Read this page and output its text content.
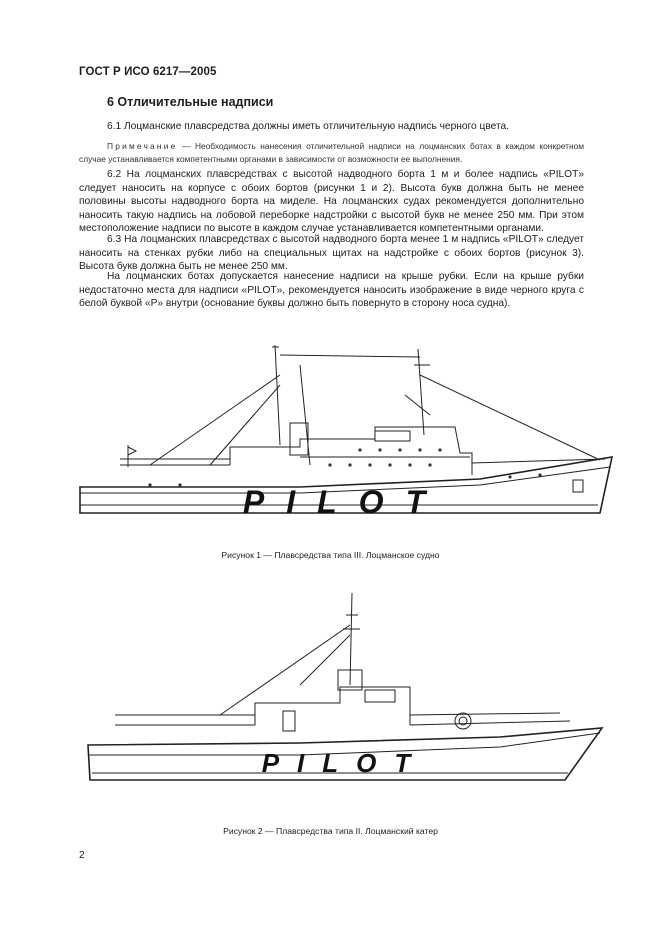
ГОСТ Р ИСО 6217—2005
6 Отличительные надписи
6.1 Лоцманские плавсредства должны иметь отличительную надпись черного цвета.
Примечание — Необходимость нанесения отличительной надписи на лоцманских ботах в каждом конкретном случае устанавливается компетентными органами в зависимости от возможности ее выполнения.
6.2 На лоцманских плавсредствах с высотой надводного борта 1 м и более надпись «PILOT» следует наносить на корпусе с обоих бортов (рисунки 1 и 2). Высота букв должна быть не менее половины высоты надводного борта на миделе. На лоцманских судах рекомендуется дополнительно наносить такую надпись на лобовой переборке надстройки с высотой букв не менее 250 мм. При этом местоположение надписи по высоте в каждом случае устанавливается компетентными органами.
6.3 На лоцманских плавсредствах с высотой надводного борта менее 1 м надпись «PILOT» следует наносить на стенках рубки либо на специальных щитах на надстройке с обоих бортов (рисунок 3). Высота букв должна быть не менее 250 мм.
На лоцманских ботах допускается нанесение надписи на крыше рубки. Если на крыше рубки недостаточно места для надписи «PILOT», рекомендуется наносить изображение в виде черного круга с белой буквой «P» внутри (основание буквы должно быть повернуто в сторону носа судна).
PILOT
Рисунок 1 — Плавсредства типа III. Лоцманское судно
PILOT
Рисунок 2 — Плавсредства типа II. Лоцманский катер
2
